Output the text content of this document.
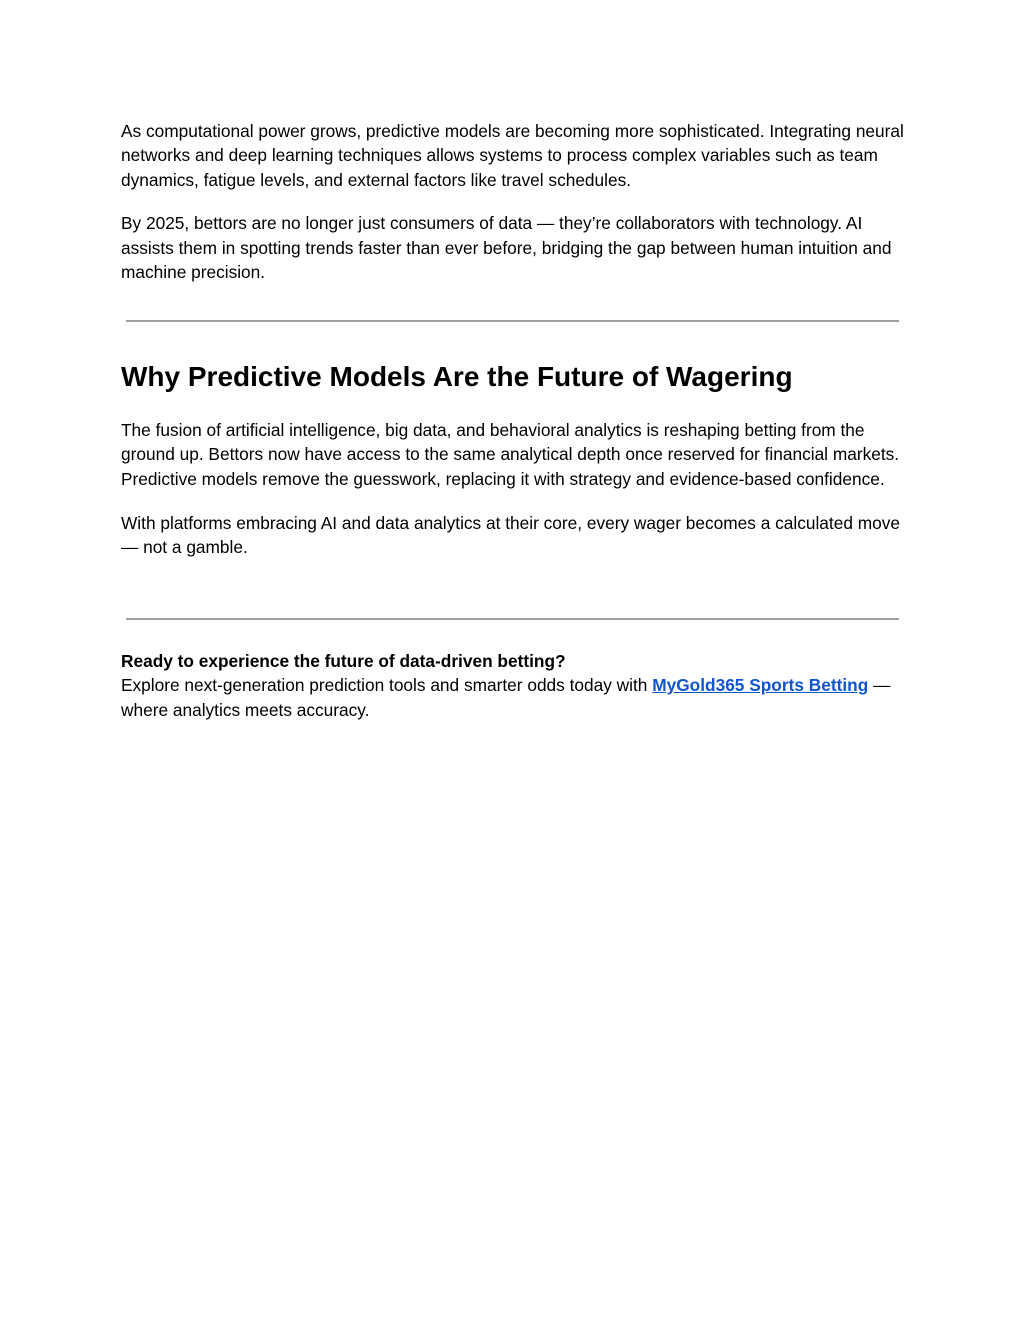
As computational power grows, predictive models are becoming more sophisticated. Integrating neural networks and deep learning techniques allows systems to process complex variables such as team dynamics, fatigue levels, and external factors like travel schedules.

By 2025, bettors are no longer just consumers of data — they’re collaborators with technology. AI assists them in spotting trends faster than ever before, bridging the gap between human intuition and machine precision.

Why Predictive Models Are the Future of Wagering

The fusion of artificial intelligence, big data, and behavioral analytics is reshaping betting from the ground up. Bettors now have access to the same analytical depth once reserved for financial markets. Predictive models remove the guesswork, replacing it with strategy and evidence-based confidence.

With platforms embracing AI and data analytics at their core, every wager becomes a calculated move — not a gamble.

Ready to experience the future of data-driven betting?
Explore next-generation prediction tools and smarter odds today with MyGold365 Sports Betting — where analytics meets accuracy.
